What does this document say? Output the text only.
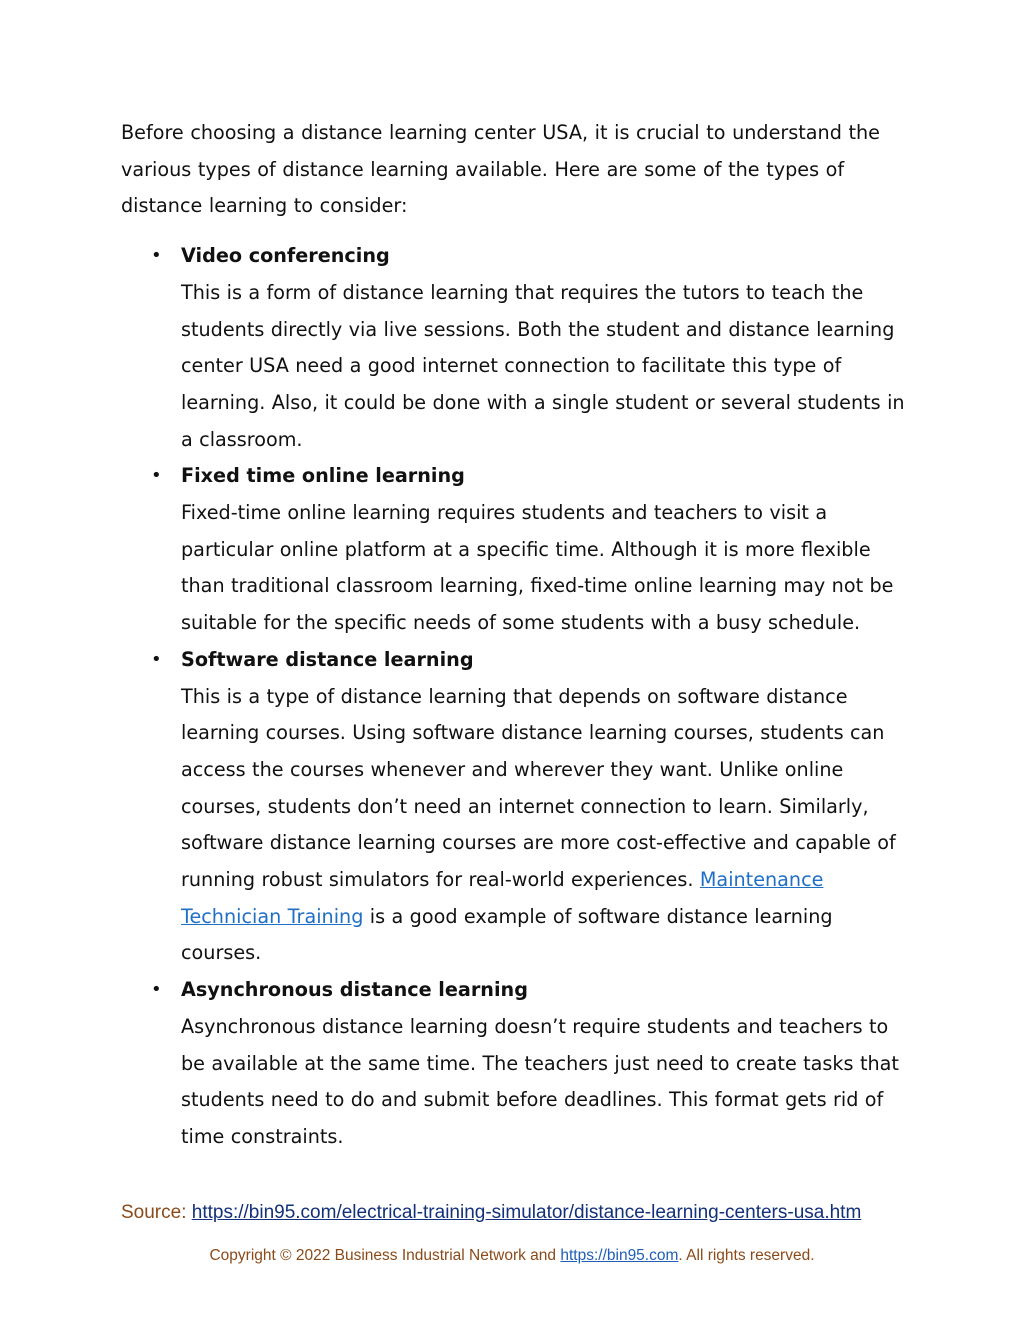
Before choosing a distance learning center USA, it is crucial to understand the various types of distance learning available. Here are some of the types of distance learning to consider:

• Video conferencing

This is a form of distance learning that requires the tutors to teach the students directly via live sessions. Both the student and distance learning center USA need a good internet connection to facilitate this type of learning. Also, it could be done with a single student or several students in a classroom.

• Fixed time online learning

Fixed-time online learning requires students and teachers to visit a particular online platform at a specific time. Although it is more flexible than traditional classroom learning, fixed-time online learning may not be suitable for the specific needs of some students with a busy schedule.

• Software distance learning

This is a type of distance learning that depends on software distance learning courses. Using software distance learning courses, students can access the courses whenever and wherever they want. Unlike online courses, students don’t need an internet connection to learn. Similarly, software distance learning courses are more cost-effective and capable of running robust simulators for real-world experiences. Maintenance Technician Training is a good example of software distance learning courses.

• Asynchronous distance learning

Asynchronous distance learning doesn’t require students and teachers to be available at the same time. The teachers just need to create tasks that students need to do and submit before deadlines. This format gets rid of time constraints.

Source: https://bin95.com/electrical-training-simulator/distance-learning-centers-usa.htm
Copyright © 2022 Business Industrial Network and https://bin95.com. All rights reserved.
